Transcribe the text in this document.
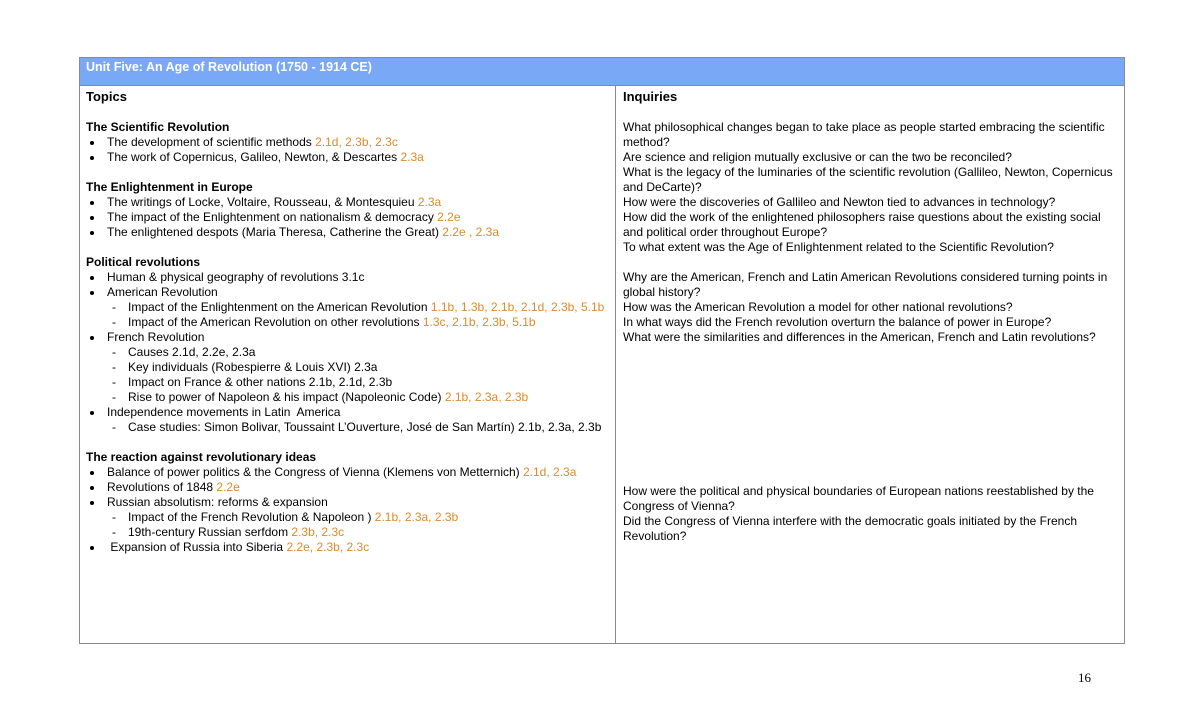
Unit Five: An Age of Revolution (1750 - 1914 CE)
Topics
The Scientific Revolution
The development of scientific methods 2.1d, 2.3b, 2.3c
The work of Copernicus, Galileo, Newton, & Descartes 2.3a
The Enlightenment in Europe
The writings of Locke, Voltaire, Rousseau, & Montesquieu 2.3a
The impact of the Enlightenment on nationalism & democracy 2.2e
The enlightened despots (Maria Theresa, Catherine the Great) 2.2e , 2.3a
Political revolutions
Human & physical geography of revolutions 3.1c
American Revolution
- Impact of the Enlightenment on the American Revolution 1.1b, 1.3b, 2.1b, 2.1d, 2.3b, 5.1b
- Impact of the American Revolution on other revolutions 1.3c, 2.1b, 2.3b, 5.1b
French Revolution
- Causes 2.1d, 2.2e, 2.3a
- Key individuals (Robespierre & Louis XVI) 2.3a
- Impact on France & other nations 2.1b, 2.1d, 2.3b
- Rise to power of Napoleon & his impact (Napoleonic Code) 2.1b, 2.3a, 2.3b
Independence movements in Latin  America
- Case studies: Simon Bolivar, Toussaint L’Ouverture, José de San Martín) 2.1b, 2.3a, 2.3b
The reaction against revolutionary ideas
Balance of power politics & the Congress of Vienna (Klemens von Metternich) 2.1d, 2.3a
Revolutions of 1848 2.2e
Russian absolutism: reforms & expansion
- Impact of the French Revolution & Napoleon ) 2.1b, 2.3a, 2.3b
- 19th-century Russian serfdom 2.3b, 2.3c
Expansion of Russia into Siberia 2.2e, 2.3b, 2.3c
Inquiries
What philosophical changes began to take place as people started embracing the scientific method?
Are science and religion mutually exclusive or can the two be reconciled?
What is the legacy of the luminaries of the scientific revolution (Gallileo, Newton, Copernicus and DeCarte)?
How were the discoveries of Gallileo and Newton tied to advances in technology?
How did the work of the enlightened philosophers raise questions about the existing social and political order throughout Europe?
To what extent was the Age of Enlightenment related to the Scientific Revolution?
Why are the American, French and Latin American Revolutions considered turning points in global history?
How was the American Revolution a model for other national revolutions?
In what ways did the French revolution overturn the balance of power in Europe?
What were the similarities and differences in the American, French and Latin revolutions?
How were the political and physical boundaries of European nations reestablished by the Congress of Vienna?
Did the Congress of Vienna interfere with the democratic goals initiated by the French Revolution?
16
